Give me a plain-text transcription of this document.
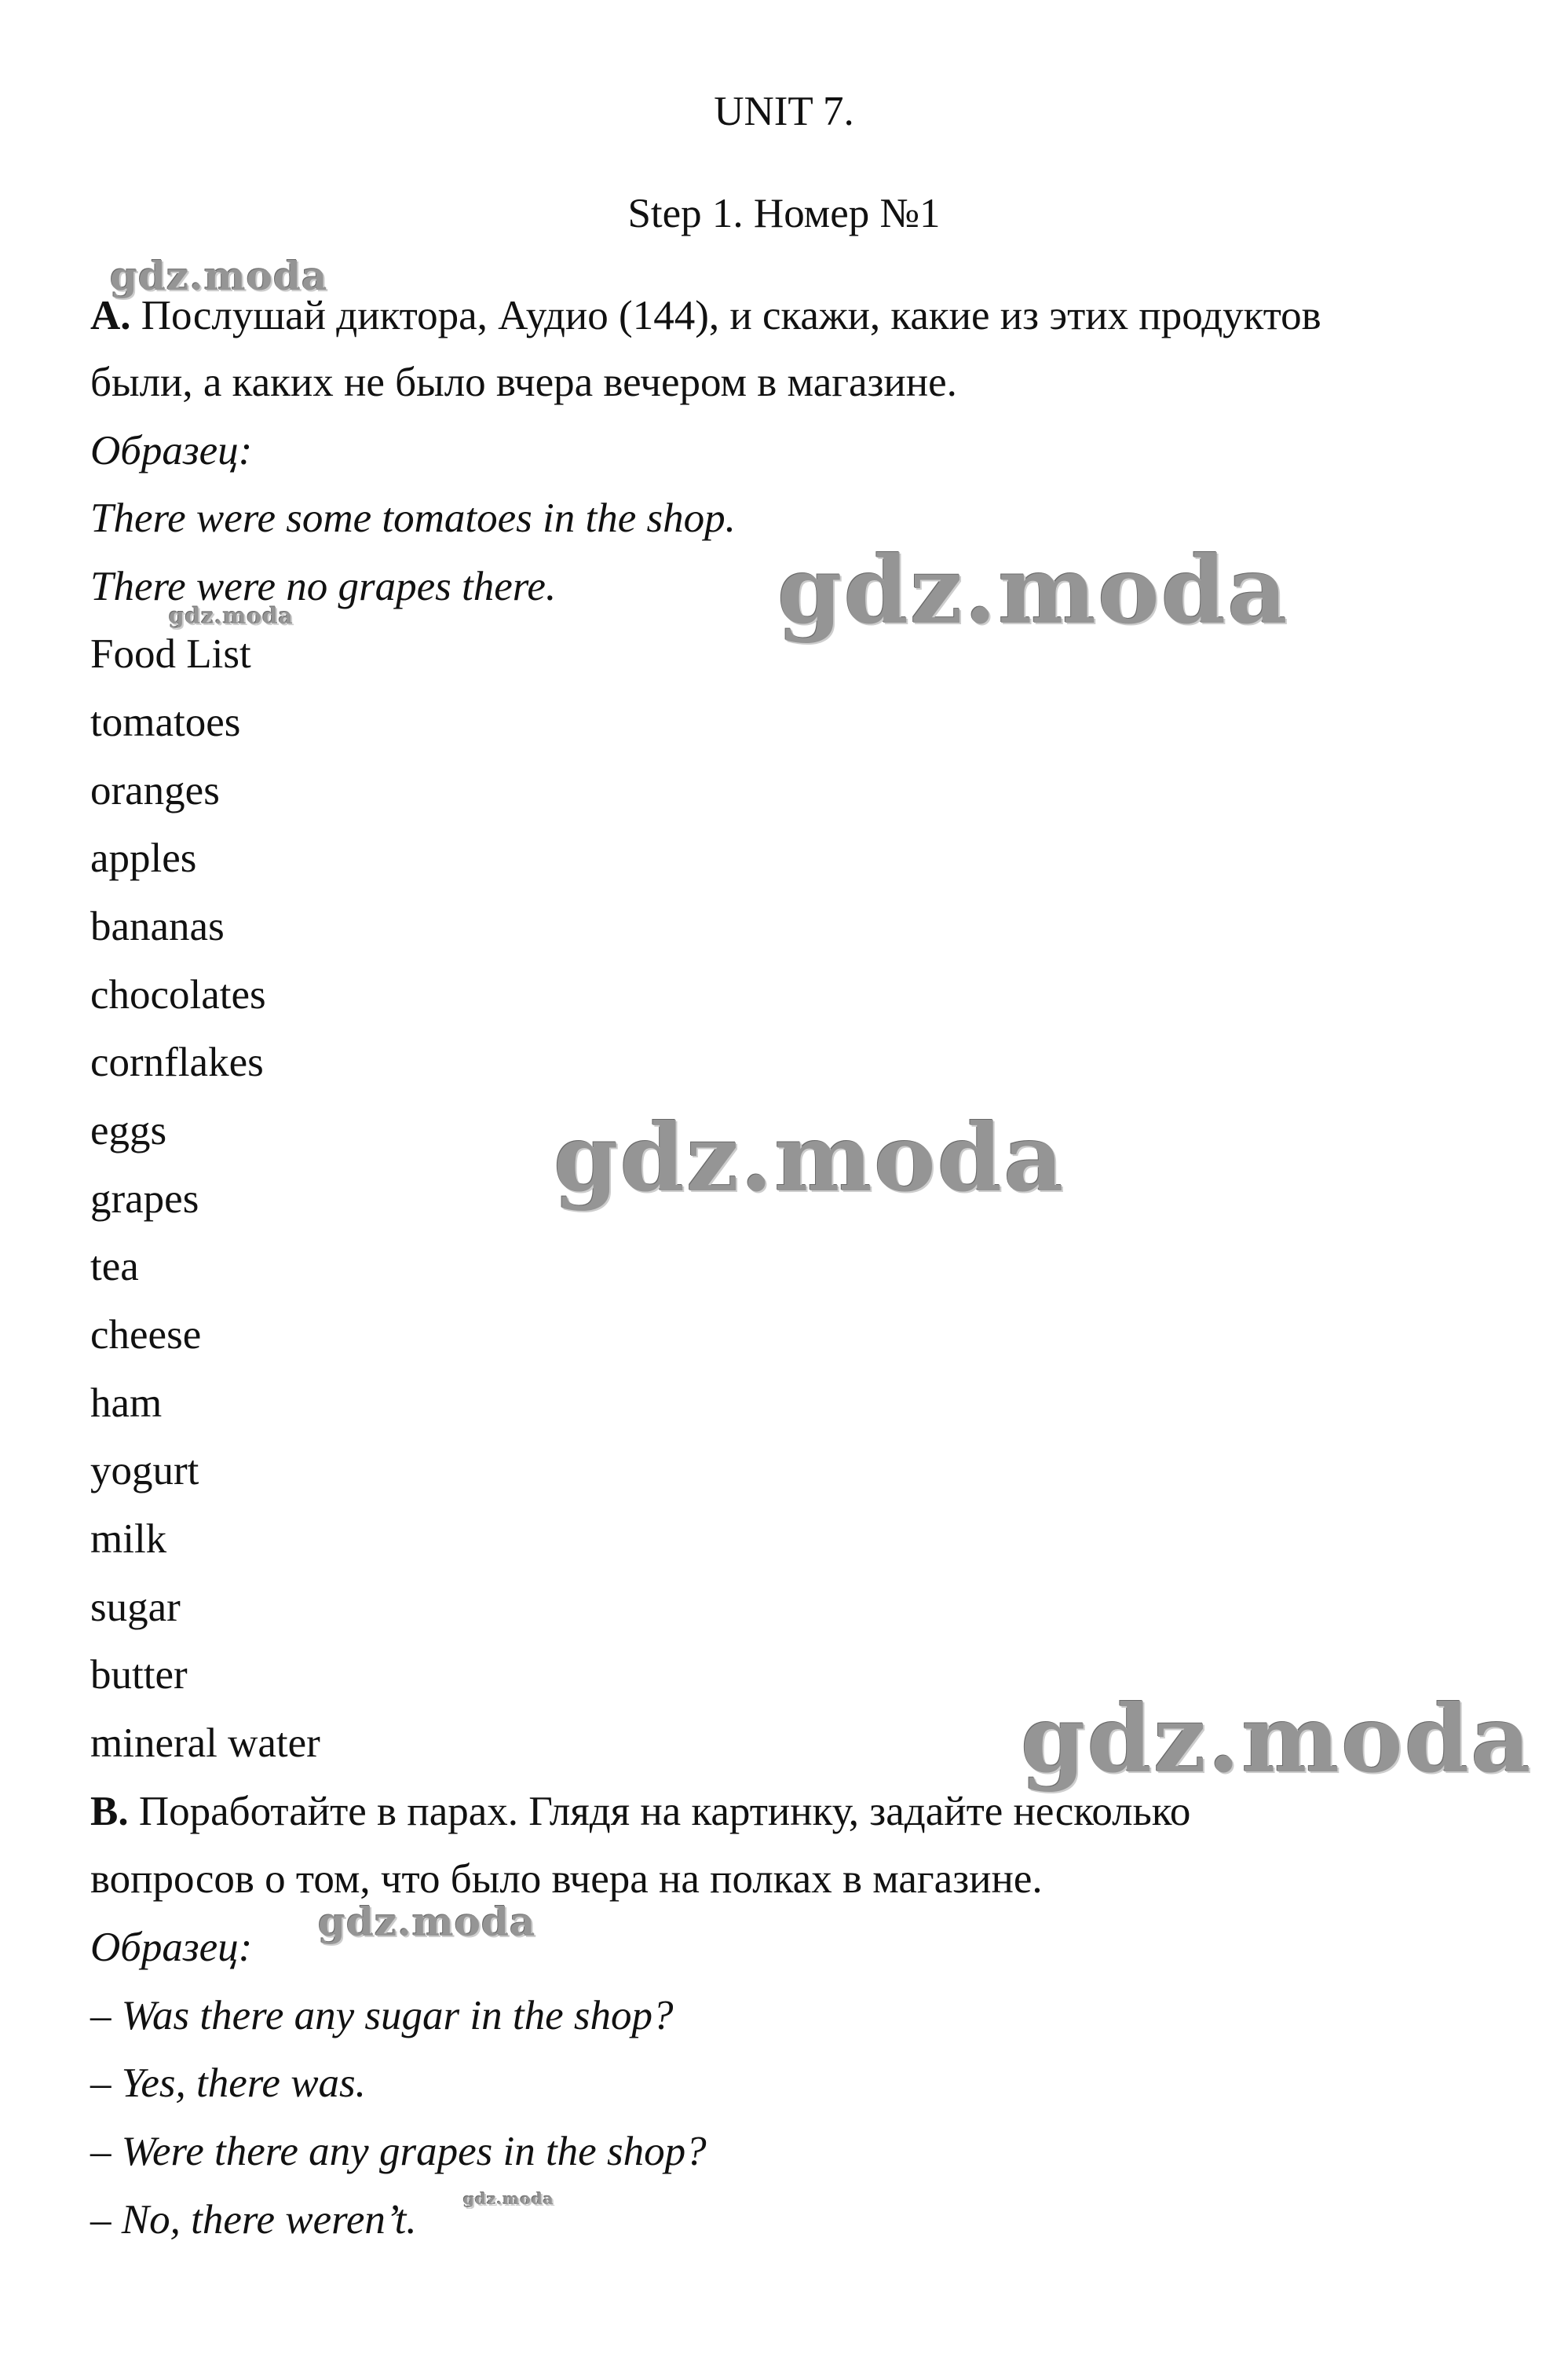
UNIT 7.
Step 1. Номер №1
A. Послушай диктора, Аудио (144), и скажи, какие из этих продуктов
были, а каких не было вчера вечером в магазине.
Образец:
There were some tomatoes in the shop.
There were no grapes there.
Food List
tomatoes
oranges
apples
bananas
chocolates
cornflakes
eggs
grapes
tea
cheese
ham
yogurt
milk
sugar
butter
mineral water
B. Поработайте в парах. Глядя на картинку, задайте несколько
вопросов о том, что было вчера на полках в магазине.
Образец:
– Was there any sugar in the shop?
– Yes, there was.
– Were there any grapes in the shop?
– No, there weren’t.
gdz.moda
gdz.moda
gdz.moda
gdz.moda
gdz.moda
gdz.moda
gdz.moda
